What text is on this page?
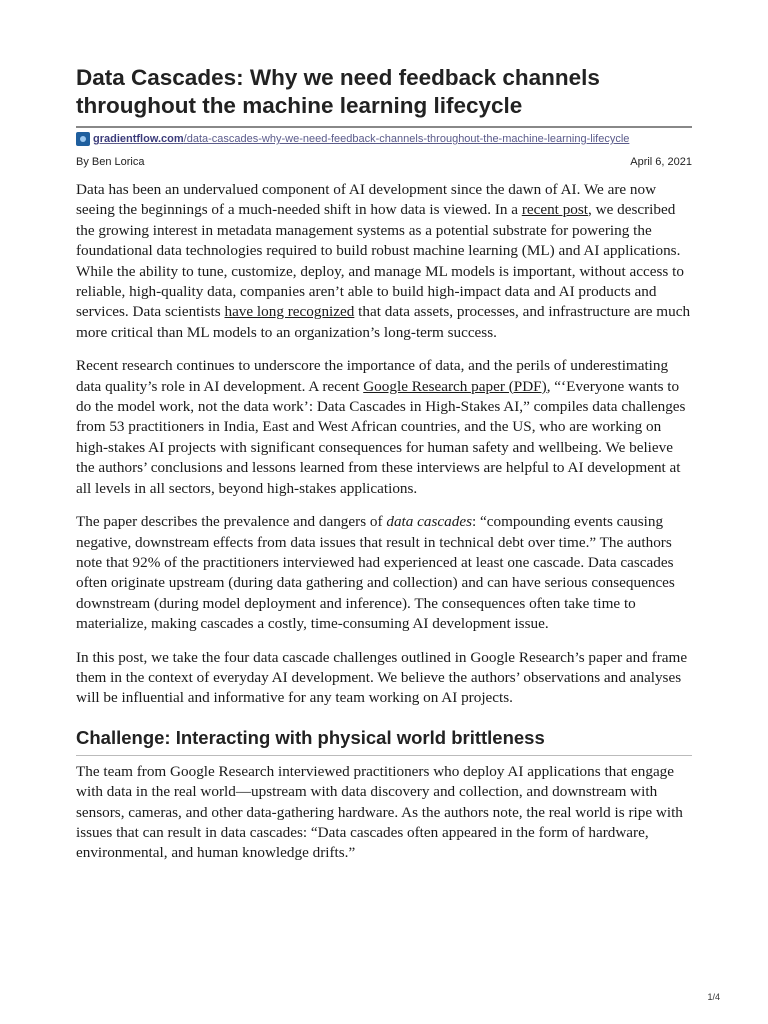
Data Cascades: Why we need feedback channels throughout the machine learning lifecycle
gradientflow.com/data-cascades-why-we-need-feedback-channels-throughout-the-machine-learning-lifecycle
By Ben Lorica	April 6, 2021

Data has been an undervalued component of AI development since the dawn of AI. We are now seeing the beginnings of a much-needed shift in how data is viewed. In a recent post, we described the growing interest in metadata management systems as a potential substrate for powering the foundational data technologies required to build robust machine learning (ML) and AI applications. While the ability to tune, customize, deploy, and manage ML models is important, without access to reliable, high-quality data, companies aren’t able to build high-impact data and AI products and services. Data scientists have long recognized that data assets, processes, and infrastructure are much more critical than ML models to an organization’s long-term success.

Recent research continues to underscore the importance of data, and the perils of underestimating data quality’s role in AI development. A recent Google Research paper (PDF), “‘Everyone wants to do the model work, not the data work’: Data Cascades in High-Stakes AI,” compiles data challenges from 53 practitioners in India, East and West African countries, and the US, who are working on high-stakes AI projects with significant consequences for human safety and wellbeing. We believe the authors’ conclusions and lessons learned from these interviews are helpful to AI development at all levels in all sectors, beyond high-stakes applications.

The paper describes the prevalence and dangers of data cascades: “compounding events causing negative, downstream effects from data issues that result in technical debt over time.” The authors note that 92% of the practitioners interviewed had experienced at least one cascade. Data cascades often originate upstream (during data gathering and collection) and can have serious consequences downstream (during model deployment and inference). The consequences often take time to materialize, making cascades a costly, time-consuming AI development issue.

In this post, we take the four data cascade challenges outlined in Google Research’s paper and frame them in the context of everyday AI development. We believe the authors’ observations and analyses will be influential and informative for any team working on AI projects.

Challenge: Interacting with physical world brittleness

The team from Google Research interviewed practitioners who deploy AI applications that engage with data in the real world—upstream with data discovery and collection, and downstream with sensors, cameras, and other data-gathering hardware. As the authors note, the real world is ripe with issues that can result in data cascades: “Data cascades often appeared in the form of hardware, environmental, and human knowledge drifts.”

1/4
